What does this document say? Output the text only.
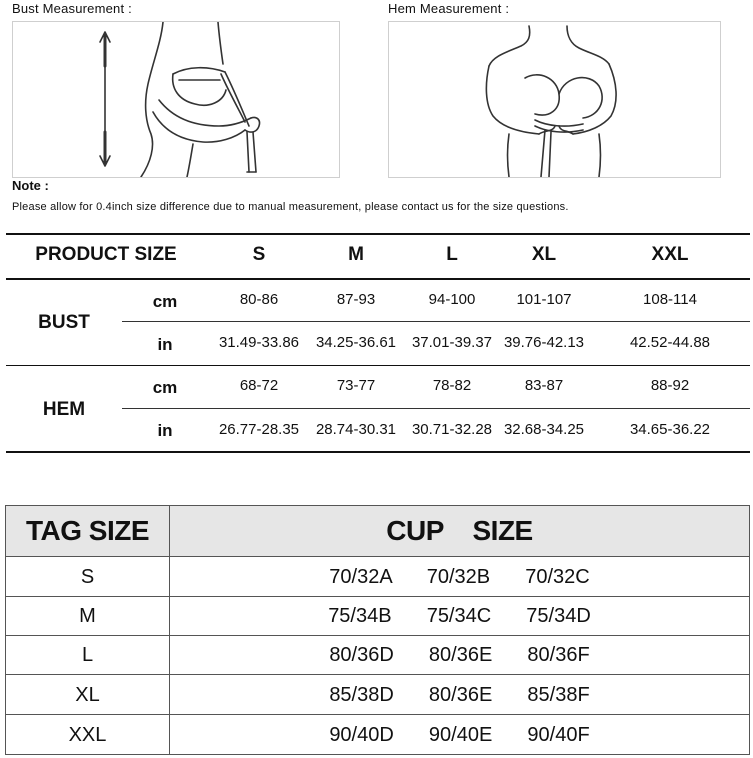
Bust Measurement :	Hem Measurement :
Note :
Please allow for 0.4inch size difference due to manual measurement, please contact us for the size questions.
PRODUCT SIZE	S	M	L	XL	XXL
BUST
cm	80-86	87-93	94-100	101-107	108-114
in	31.49-33.86	34.25-36.61	37.01-39.37 39.76-42.13	42.52-44.88
HEM
cm	68-72	73-77	78-82	83-87	88-92
in	26.77-28.35	28.74-30.31	30.71-32.28 32.68-34.25	34.65-36.22
TAG SIZE	CUP    SIZE
S	70/32A  70/32B  70/32C
M	75/34B  75/34C  75/34D
L	80/36D  80/36E  80/36F
XL	85/38D  80/36E  85/38F
XXL	90/40D  90/40E  90/40F
